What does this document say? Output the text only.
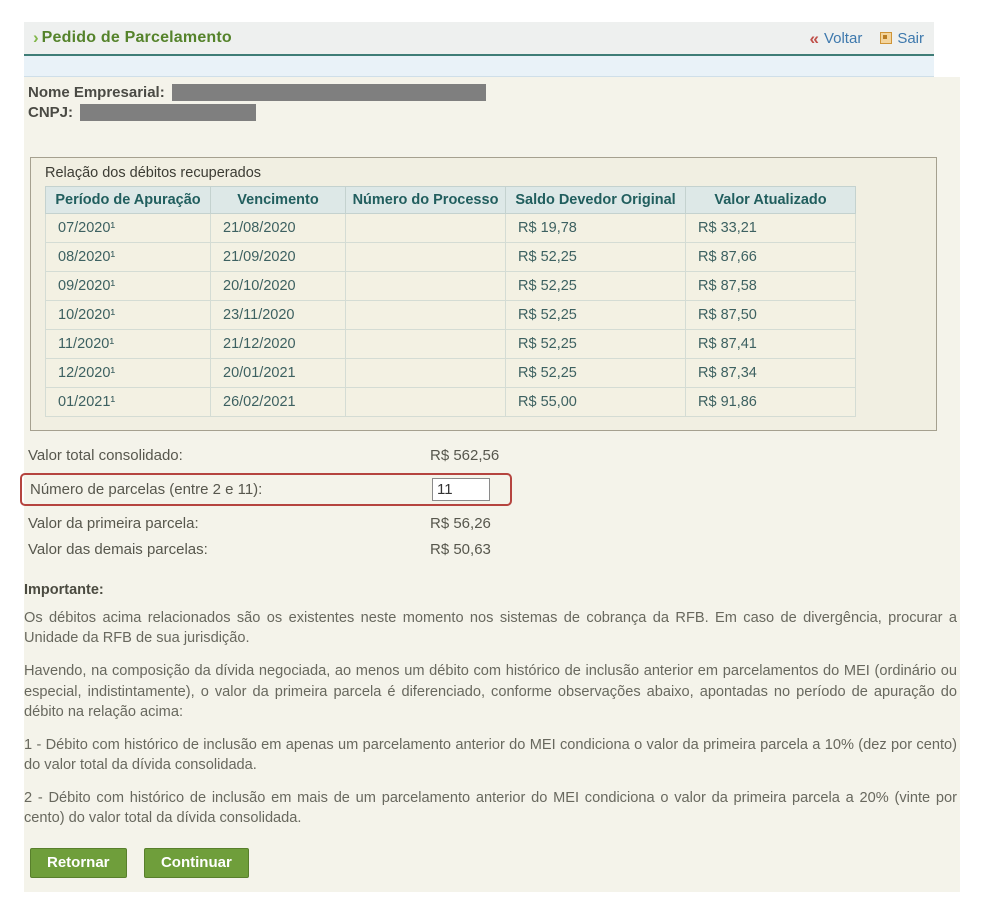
› Pedido de Parcelamento	« Voltar Sair
Nome Empresarial:
CNPJ:
Relação dos débitos recuperados
Período de Apuração	Vencimento	Número do Processo	Saldo Devedor Original	Valor Atualizado
07/2020¹	21/08/2020		R$ 19,78	R$ 33,21
08/2020¹	21/09/2020		R$ 52,25	R$ 87,66
09/2020¹	20/10/2020		R$ 52,25	R$ 87,58
10/2020¹	23/11/2020		R$ 52,25	R$ 87,50
11/2020¹	21/12/2020		R$ 52,25	R$ 87,41
12/2020¹	20/01/2021		R$ 52,25	R$ 87,34
01/2021¹	26/02/2021		R$ 55,00	R$ 91,86
Valor total consolidado:	R$ 562,56
Número de parcelas (entre 2 e 11):
11
Valor da primeira parcela:	R$ 56,26
Valor das demais parcelas:	R$ 50,63
Importante:

Os débitos acima relacionados são os existentes neste momento nos sistemas de cobrança da RFB. Em caso de divergência, procurar a Unidade da RFB de sua jurisdição.

Havendo, na composição da dívida negociada, ao menos um débito com histórico de inclusão anterior em parcelamentos do MEI (ordinário ou especial, indistintamente), o valor da primeira parcela é diferenciado, conforme observações abaixo, apontadas no período de apuração do débito na relação acima:

1 - Débito com histórico de inclusão em apenas um parcelamento anterior do MEI condiciona o valor da primeira parcela a 10% (dez por cento) do valor total da dívida consolidada.

2 - Débito com histórico de inclusão em mais de um parcelamento anterior do MEI condiciona o valor da primeira parcela a 20% (vinte por cento) do valor total da dívida consolidada.

Retornar	Continuar
